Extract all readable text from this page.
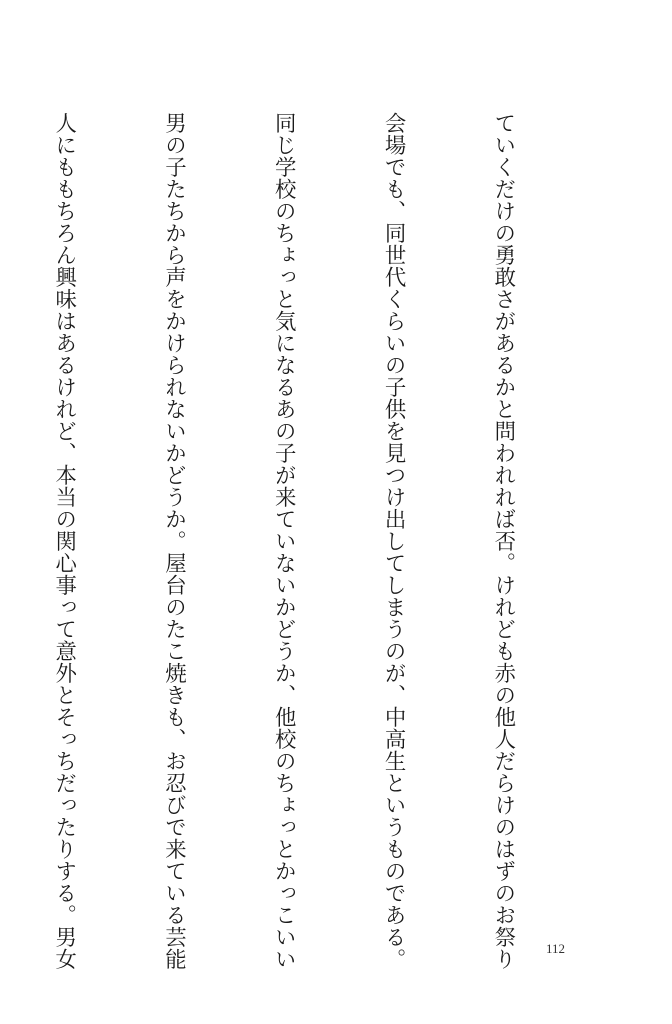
ていくだけの勇敢さがあるかと問われれば否。けれども赤の他人だらけのはずのお祭り

会場でも、同世代くらいの子供を見つけ出してしまうのが、中高生というものである。

同じ学校のちょっと気になるあの子が来ていないかどうか、他校のちょっとかっこいい

男の子たちから声をかけられないかどうか。屋台のたこ焼きも、お忍びで来ている芸能

人にももちろん興味はあるけれど、本当の関心事って意外とそっちだったりする。男女

	112
